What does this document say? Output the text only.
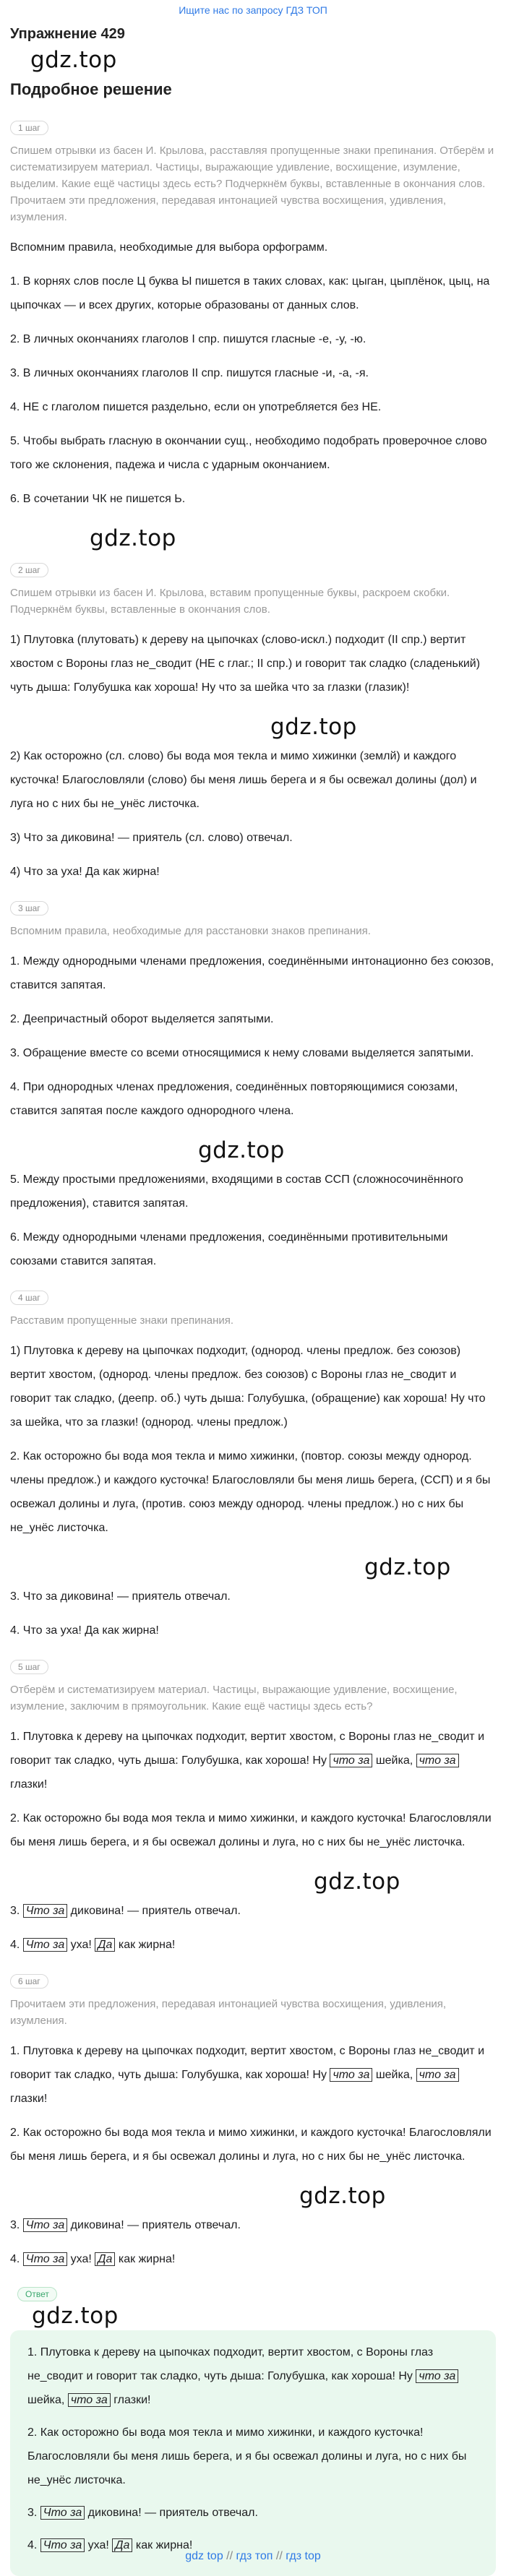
Ищите нас по запросу ГДЗ ТОП
Упражнение 429
gdz.top
Подробное решение
1 шаг
Спишем отрывки из басен И. Крылова, расставляя пропущенные знаки препинания. Отберём и систематизируем материал. Частицы, выражающие удивление, восхищение, изумление, выделим. Какие ещё частицы здесь есть? Подчеркнём буквы, вставленные в окончания слов. Прочитаем эти предложения, передавая интонацией чувства восхищения, удивления, изумления.
Вспомним правила, необходимые для выбора орфограмм.
1. В корнях слов после Ц буква Ы пишется в таких словах, как: цыган, цыплёнок, цыц, на цыпочках — и всех других, которые образованы от данных слов.
2. В личных окончаниях глаголов I спр. пишутся гласные -е, -у, -ю.
3. В личных окончаниях глаголов II спр. пишутся гласные -и, -а, -я.
4. НЕ с глаголом пишется раздельно, если он употребляется без НЕ.
5. Чтобы выбрать гласную в окончании сущ., необходимо подобрать проверочное слово того же склонения, падежа и числа с ударным окончанием.
6. В сочетании ЧК не пишется Ь.
gdz.top
2 шаг
Спишем отрывки из басен И. Крылова, вставим пропущенные буквы, раскроем скобки. Подчеркнём буквы, вставленные в окончания слов.
1) Плутовка (плутовать) к дереву на цыпочках (слово-искл.) подходит (II спр.) вертит хвостом с Вороны глаз не_сводит (НЕ с глаг.; II спр.) и говорит так сладко (сладенький) чуть дыша: Голубушка как хороша! Ну что за шейка что за глазки (глазик)!
gdz.top
2) Как осторожно (сл. слово) бы вода моя текла и мимо хижинки (землй) и каждого кусточка! Благословляли (слово) бы меня лишь берега и я бы освежал долины (дол) и луга но с них бы не_унёс листочка.
3) Что за диковина! — приятель (сл. слово) отвечал.
4) Что за уха! Да как жирна!
3 шаг
Вспомним правила, необходимые для расстановки знаков препинания.
1. Между однородными членами предложения, соединёнными интонационно без союзов, ставится запятая.
2. Деепричастный оборот выделяется запятыми.
3. Обращение вместе со всеми относящимися к нему словами выделяется запятыми.
4. При однородных членах предложения, соединённых повторяющимися союзами, ставится запятая после каждого однородного члена.
gdz.top
5. Между простыми предложениями, входящими в состав ССП (сложносочинённого предложения), ставится запятая.
6. Между однородными членами предложения, соединёнными противительными союзами ставится запятая.
4 шаг
Расставим пропущенные знаки препинания.
1) Плутовка к дереву на цыпочках подходит, (однород. члены предлож. без союзов) вертит хвостом, (однород. члены предлож. без союзов) с Вороны глаз не_сводит и говорит так сладко, (деепр. об.) чуть дыша: Голубушка, (обращение) как хороша! Ну что за шейка, что за глазки! (однород. члены предлож.)
2. Как осторожно бы вода моя текла и мимо хижинки, (повтор. союзы между однород. члены предлож.) и каждого кусточка! Благословляли бы меня лишь берега, (ССП) и я бы освежал долины и луга, (против. союз между однород. члены предлож.) но с них бы не_унёс листочка.
gdz.top
3. Что за диковина! — приятель отвечал.
4. Что за уха! Да как жирна!
5 шаг
Отберём и систематизируем материал. Частицы, выражающие удивление, восхищение, изумление, заключим в прямоугольник. Какие ещё частицы здесь есть?
1. Плутовка к дереву на цыпочках подходит, вертит хвостом, с Вороны глаз не_сводит и говорит так сладко, чуть дыша: Голубушка, как хороша! Ну что за шейка, что за глазки!
2. Как осторожно бы вода моя текла и мимо хижинки, и каждого кусточка! Благословляли бы меня лишь берега, и я бы освежал долины и луга, но с них бы не_унёс листочка.
gdz.top
3. Что за диковина! — приятель отвечал.
4. Что за уха! Да как жирна!
6 шаг
Прочитаем эти предложения, передавая интонацией чувства восхищения, удивления, изумления.
1. Плутовка к дереву на цыпочках подходит, вертит хвостом, с Вороны глаз не_сводит и говорит так сладко, чуть дыша: Голубушка, как хороша! Ну что за шейка, что за глазки!
2. Как осторожно бы вода моя текла и мимо хижинки, и каждого кусточка! Благословляли бы меня лишь берега, и я бы освежал долины и луга, но с них бы не_унёс листочка.
gdz.top
3. Что за диковина! — приятель отвечал.
4. Что за уха! Да как жирна!
Ответ
gdz.top
1. Плутовка к дереву на цыпочках подходит, вертит хвостом, с Вороны глаз не_сводит и говорит так сладко, чуть дыша: Голубушка, как хороша! Ну что за шейка, что за глазки!
2. Как осторожно бы вода моя текла и мимо хижинки, и каждого кусточка! Благословляли бы меня лишь берега, и я бы освежал долины и луга, но с них бы не_унёс листочка.
3. Что за диковина! — приятель отвечал.
4. Что за уха! Да как жирна!
gdz top // гдз топ // гдз top
